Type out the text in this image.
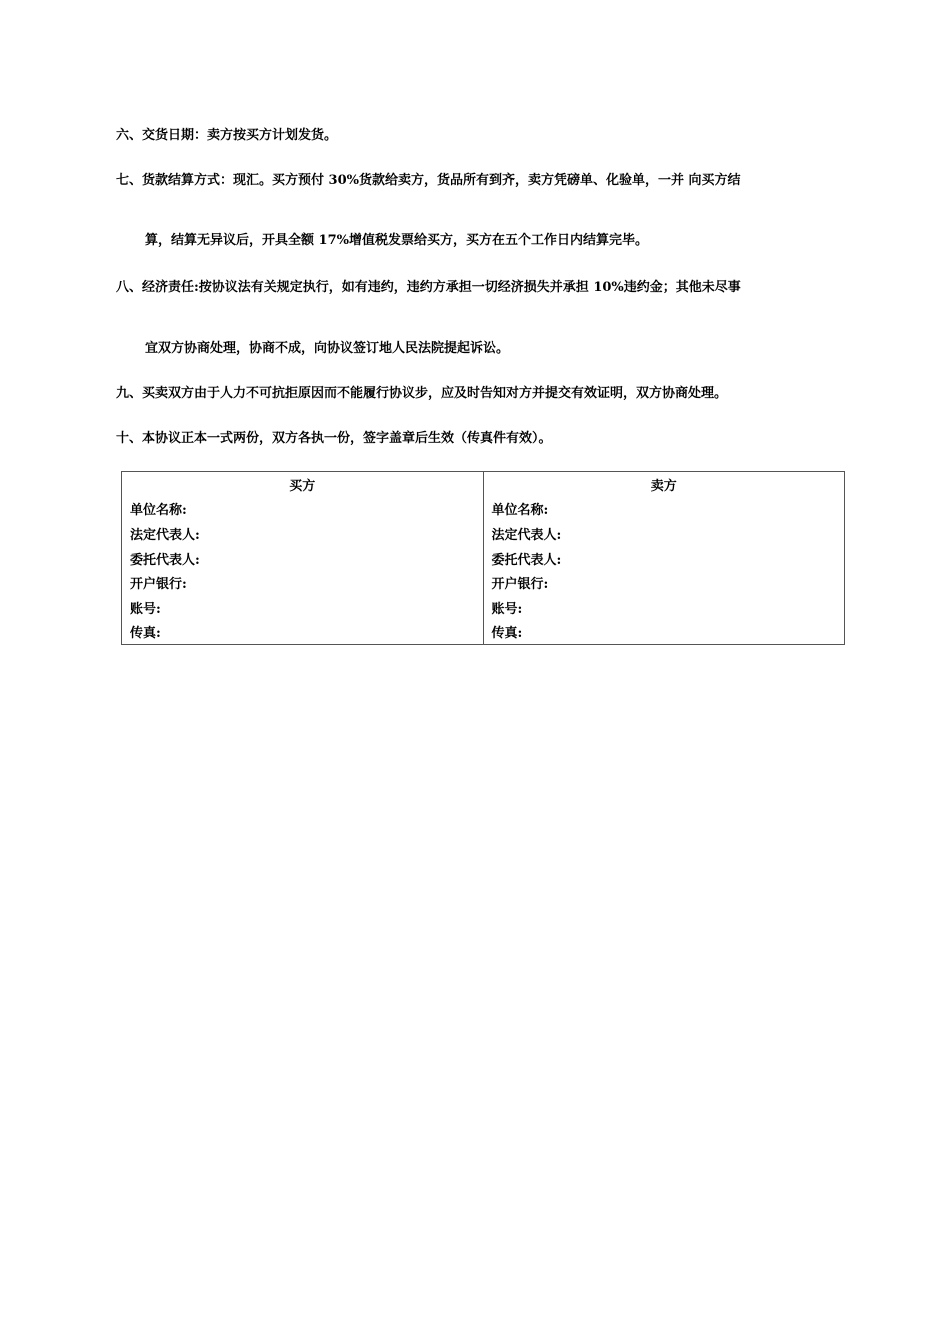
六、交货日期：卖方按买方计划发货。
七、货款结算方式：现汇。买方预付 30%货款给卖方，货品所有到齐，卖方凭磅单、化验单，一并 向买方结
算，结算无异议后，开具全额 17%增值税发票给买方，买方在五个工作日内结算完毕。
八、经济责任:按协议法有关规定执行，如有违约，违约方承担一切经济损失并承担 10%违约金；其他未尽事
宜双方协商处理，协商不成，向协议签订地人民法院提起诉讼。
九、买卖双方由于人力不可抗拒原因而不能履行协议步，应及时告知对方并提交有效证明，双方协商处理。
十、本协议正本一式两份，双方各执一份，签字盖章后生效（传真件有效）。
买方	卖方
单位名称:	单位名称:
法定代表人:	法定代表人:
委托代表人:	委托代表人:
开户银行:	开户银行:
账号:	账号:
传真:	传真:
